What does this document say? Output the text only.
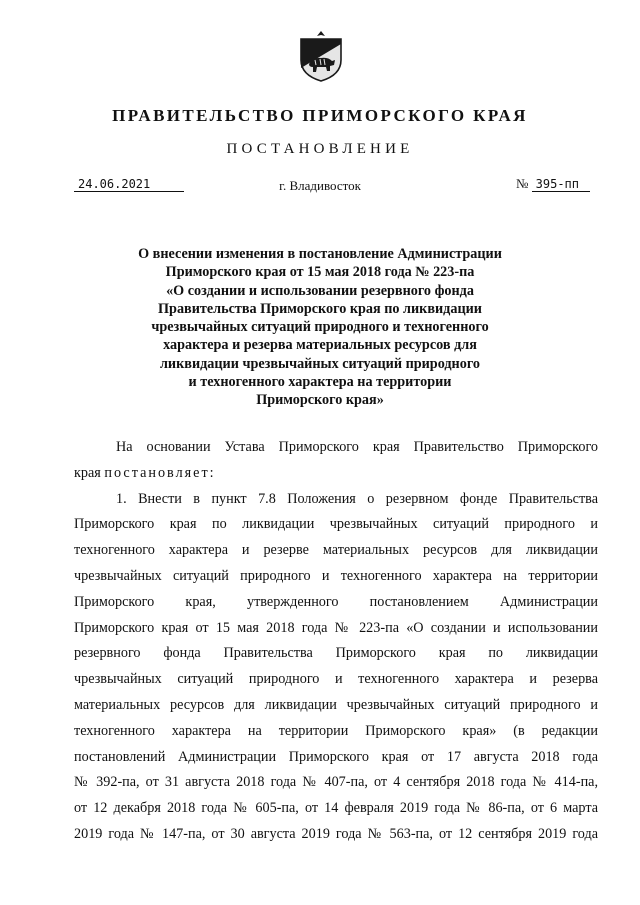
ПРАВИТЕЛЬСТВО ПРИМОРСКОГО КРАЯ
ПОСТАНОВЛЕНИЕ
24.06.2021	г. Владивосток	№ 395-пп
О внесении изменения в постановление Администрации
Приморского края от 15 мая 2018 года № 223-па
«О создании и использовании резервного фонда
Правительства Приморского края по ликвидации
чрезвычайных ситуаций природного и техногенного
характера и резерва материальных ресурсов для
ликвидации чрезвычайных ситуаций природного
и техногенного характера на территории
Приморского края»
На основании Устава Приморского края Правительство Приморского
края постановляет:
1. Внести в пункт 7.8 Положения о резервном фонде Правительства
Приморского края по ликвидации чрезвычайных ситуаций природного и
техногенного характера и резерве материальных ресурсов для ликвидации
чрезвычайных ситуаций природного и техногенного характера на территории
Приморского края, утвержденного постановлением Администрации
Приморского края от 15 мая 2018 года № 223-па «О создании и использовании
резервного фонда Правительства Приморского края по ликвидации
чрезвычайных ситуаций природного и техногенного характера и резерва
материальных ресурсов для ликвидации чрезвычайных ситуаций природного и
техногенного характера на территории Приморского края» (в редакции
постановлений Администрации Приморского края от 17 августа 2018 года
№ 392-па, от 31 августа 2018 года № 407-па, от 4 сентября 2018 года № 414-па,
от 12 декабря 2018 года № 605-па, от 14 февраля 2019 года № 86-па, от 6 марта
2019 года № 147-па, от 30 августа 2019 года № 563-па, от 12 сентября 2019 года
